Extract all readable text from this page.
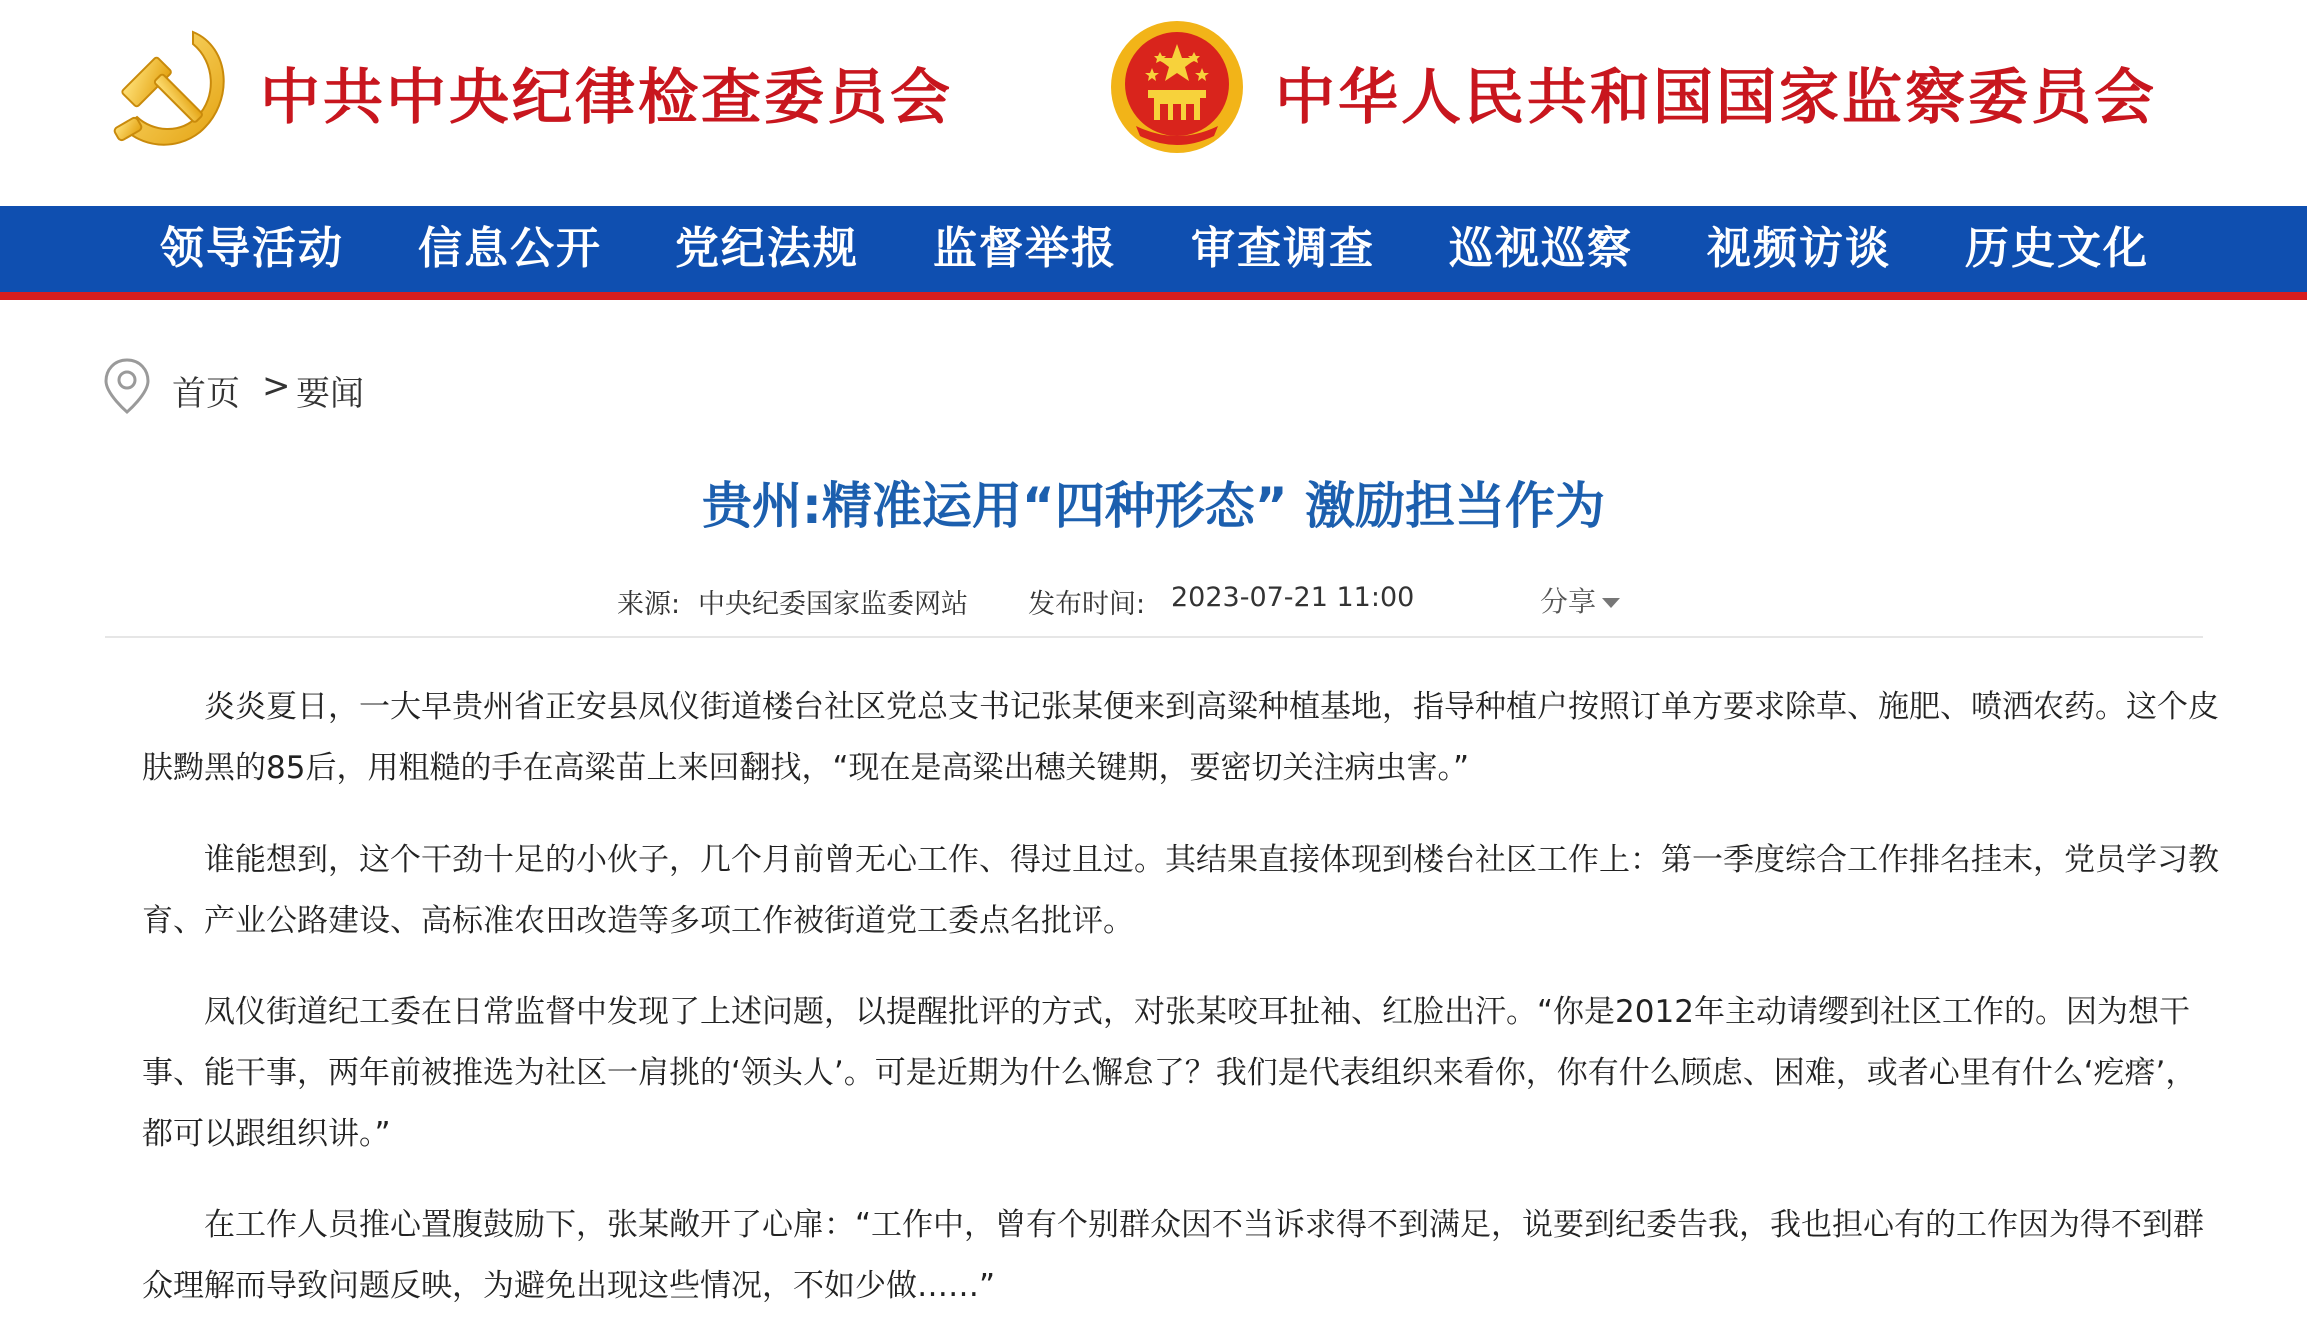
中共中央纪律检查委员会	中华人民共和国国家监察委员会
领导活动 信息公开 党纪法规 监督举报 审查调查 巡视巡察 视频访谈 历史文化
首页 > 要闻
贵州:精准运用“四种形态” 激励担当作为
来源: 中央纪委国家监委网站 发布时间: 2023-07-21 11:00	分享

炎炎夏日，一大早贵州省正安县凤仪街道楼台社区党总支书记张某便来到高粱种植基地，指导种植户按照订单方要求除草、施肥、喷洒农药。这个皮肤黝黑的85后，用粗糙的手在高粱苗上来回翻找，“现在是高粱出穗关键期，要密切关注病虫害。”

谁能想到，这个干劲十足的小伙子，几个月前曾无心工作、得过且过。其结果直接体现到楼台社区工作上：第一季度综合工作排名挂末，党员学习教育、产业公路建设、高标准农田改造等多项工作被街道党工委点名批评。

凤仪街道纪工委在日常监督中发现了上述问题，以提醒批评的方式，对张某咬耳扯袖、红脸出汗。“你是2012年主动请缨到社区工作的。因为想干事、能干事，两年前被推选为社区一肩挑的‘领头人’。可是近期为什么懈怠了？我们是代表组织来看你，你有什么顾虑、困难，或者心里有什么‘疙瘩’，都可以跟组织讲。”

在工作人员推心置腹鼓励下，张某敞开了心扉：“工作中，曾有个别群众因不当诉求得不到满足，说要到纪委告我，我也担心有的工作因为得不到群众理解而导致问题反映，为避免出现这些情况，不如少做……”
